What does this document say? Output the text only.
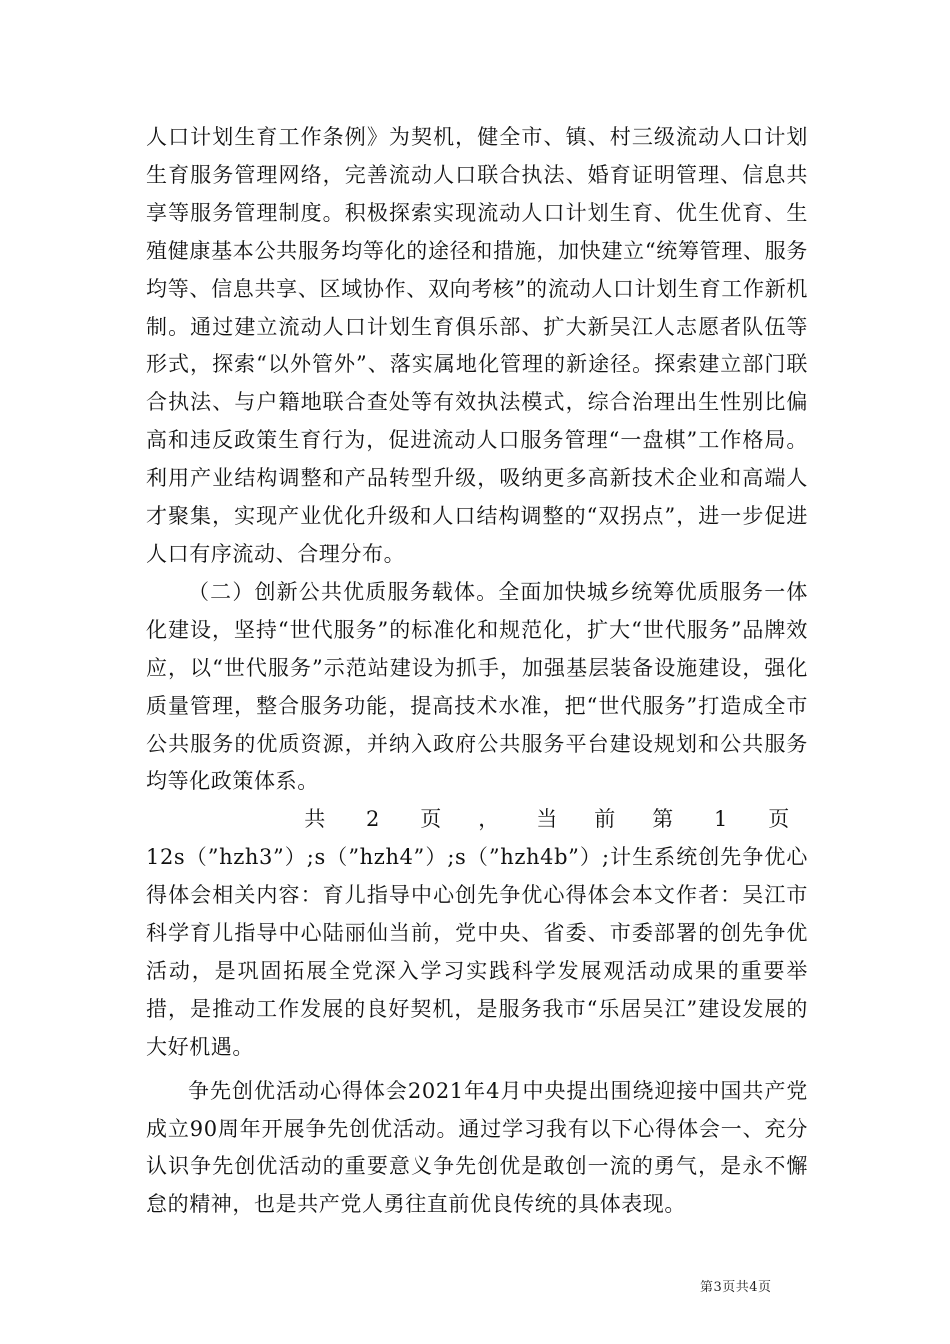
人口计划生育工作条例》为契机，健全市、镇、村三级流动人口计划生育服务管理网络，完善流动人口联合执法、婚育证明管理、信息共享等服务管理制度。积极探索实现流动人口计划生育、优生优育、生殖健康基本公共服务均等化的途径和措施，加快建立“统筹管理、服务均等、信息共享、区域协作、双向考核”的流动人口计划生育工作新机制。通过建立流动人口计划生育俱乐部、扩大新吴江人志愿者队伍等形式，探索“以外管外”、落实属地化管理的新途径。探索建立部门联合执法、与户籍地联合查处等有效执法模式，综合治理出生性别比偏高和违反政策生育行为，促进流动人口服务管理“一盘棋”工作格局。利用产业结构调整和产品转型升级，吸纳更多高新技术企业和高端人才聚集，实现产业优化升级和人口结构调整的“双拐点”，进一步促进人口有序流动、合理分布。

（二）创新公共优质服务载体。全面加快城乡统筹优质服务一体化建设，坚持“世代服务”的标准化和规范化，扩大“世代服务”品牌效应，以“世代服务”示范站建设为抓手，加强基层装备设施建设，强化质量管理，整合服务功能，提高技术水准，把“世代服务”打造成全市公共服务的优质资源，并纳入政府公共服务平台建设规划和公共服务均等化政策体系。

共	2	页	，	当	前	第	1	页

12s（”hzh3”）;s（”hzh4”）;s（”hzh4b”）;计生系统创先争优心得体会相关内容：育儿指导中心创先争优心得体会本文作者：吴江市科学育儿指导中心陆丽仙当前，党中央、省委、市委部署的创先争优活动，是巩固拓展全党深入学习实践科学发展观活动成果的重要举措，是推动工作发展的良好契机，是服务我市“乐居吴江”建设发展的大好机遇。

争先创优活动心得体会2021年4月中央提出围绕迎接中国共产党成立90周年开展争先创优活动。通过学习我有以下心得体会一、充分认识争先创优活动的重要意义争先创优是敢创一流的勇气，是永不懈怠的精神，也是共产党人勇往直前优良传统的具体表现。

第3页共4页
